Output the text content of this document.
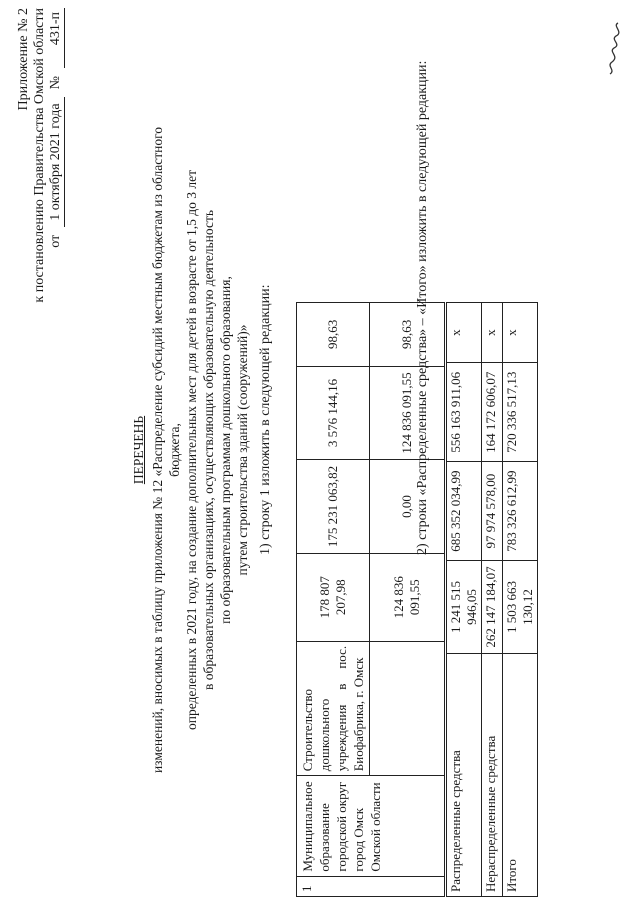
Приложение № 2 к постановлению Правительства Омской области от
1 октября 2021 года
№
431-п
ПЕРЕЧЕНЬ изменений, вносимых в таблицу приложения № 12 «Распределение субсидий местным бюджетам из областного бюджета, определенных в 2021 году, на создание дополнительных мест для детей в возрасте от 1,5 до 3 лет в образовательных организациях, осуществляющих образовательную деятельность по образовательным программам дошкольного образования, путем строительства зданий (сооружений)» 1) строку 1 изложить в следующей редакции:
1	Муниципальное образование городской округ город Омск Омской области	Строительство дошкольного учреждения в пос. Биофабрика, г. Омск	178 807 207,98	175 231 063,82	3 576 144,16	98,63
			124 836 091,55	0,00	124 836 091,55	98,63 2) строки «Распределенные средства» – «Итого» изложить в следующей редакции:
Распределенные средства	1 241 515 946,05	685 352 034,99	556 163 911,06	х
Нераспределенные средства	262 147 184,07	97 974 578,00	164 172 606,07	х
Итого	1 503 663 130,12	783 326 612,99	720 336 517,13	х
